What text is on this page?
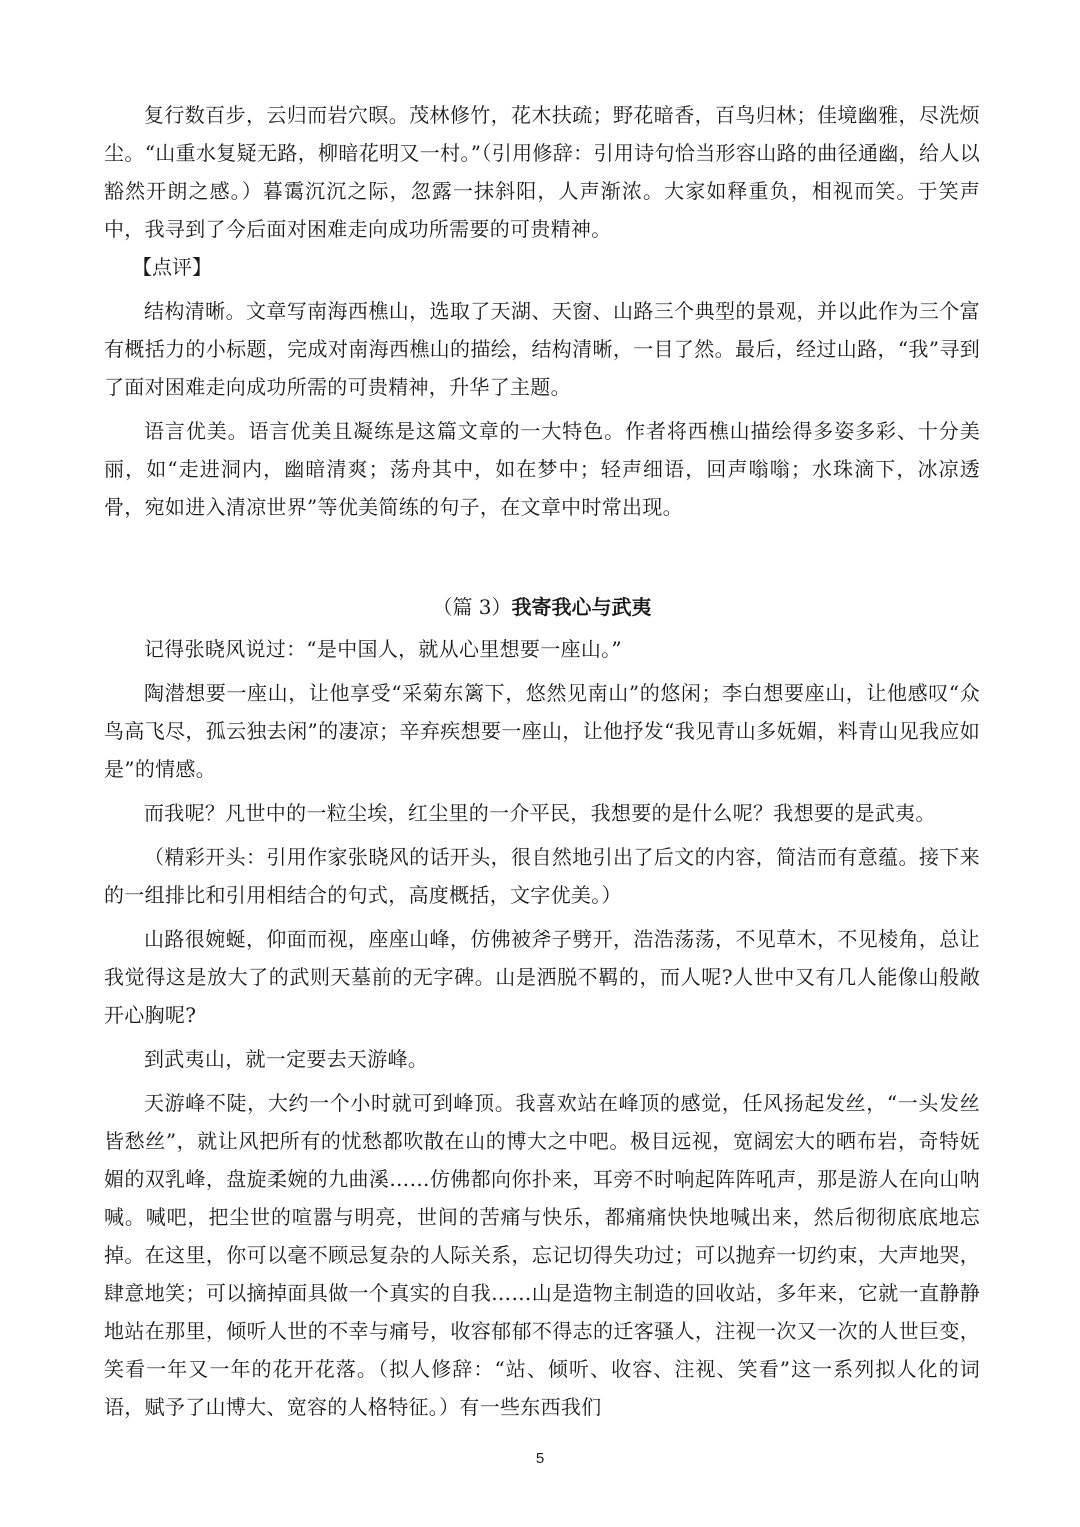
复行数百步，云归而岩穴暝。茂林修竹，花木扶疏；野花暗香，百鸟归林；佳境幽雅，尽洗烦尘。“山重水复疑无路，柳暗花明又一村。”（引用修辞：引用诗句恰当形容山路的曲径通幽，给人以豁然开朗之感。）暮霭沉沉之际，忽露一抹斜阳，人声渐浓。大家如释重负，相视而笑。于笑声中，我寻到了今后面对困难走向成功所需要的可贵精神。

【点评】

结构清晰。文章写南海西樵山，选取了天湖、天窗、山路三个典型的景观，并以此作为三个富有概括力的小标题，完成对南海西樵山的描绘，结构清晰，一目了然。最后，经过山路，“我”寻到了面对困难走向成功所需的可贵精神，升华了主题。

语言优美。语言优美且凝练是这篇文章的一大特色。作者将西樵山描绘得多姿多彩、十分美丽，如“走进洞内，幽暗清爽；荡舟其中，如在梦中；轻声细语，回声嗡嗡；水珠滴下，冰凉透骨，宛如进入清凉世界”等优美简练的句子，在文章中时常出现。

（篇 3）我寄我心与武夷

记得张晓风说过：“是中国人，就从心里想要一座山。”

陶潜想要一座山，让他享受“采菊东篱下，悠然见南山”的悠闲；李白想要座山，让他感叹“众鸟高飞尽，孤云独去闲”的凄凉；辛弃疾想要一座山，让他抒发“我见青山多妩媚，料青山见我应如是”的情感。

而我呢？凡世中的一粒尘埃，红尘里的一介平民，我想要的是什么呢？我想要的是武夷。

（精彩开头：引用作家张晓风的话开头，很自然地引出了后文的内容，简洁而有意蕴。接下来的一组排比和引用相结合的句式，高度概括，文字优美。）

山路很婉蜒，仰面而视，座座山峰，仿佛被斧子劈开，浩浩荡荡，不见草木，不见棱角，总让我觉得这是放大了的武则天墓前的无字碑。山是洒脱不羁的，而人呢?人世中又有几人能像山般敞开心胸呢?

到武夷山，就一定要去天游峰。

天游峰不陡，大约一个小时就可到峰顶。我喜欢站在峰顶的感觉，任风扬起发丝，“一头发丝皆愁丝”，就让风把所有的忧愁都吹散在山的博大之中吧。极目远视，宽阔宏大的晒布岩，奇特妩媚的双乳峰，盘旋柔婉的九曲溪……仿佛都向你扑来，耳旁不时响起阵阵吼声，那是游人在向山呐喊。喊吧，把尘世的喧嚣与明亮，世间的苦痛与快乐，都痛痛快快地喊出来，然后彻彻底底地忘掉。在这里，你可以毫不顾忌复杂的人际关系，忘记切得失功过；可以抛弃一切约束，大声地哭，肆意地笑；可以摘掉面具做一个真实的自我……山是造物主制造的回收站，多年来，它就一直静静地站在那里，倾听人世的不幸与痛号，收容郁郁不得志的迁客骚人，注视一次又一次的人世巨变，笑看一年又一年的花开花落。（拟人修辞：“站、倾听、收容、注视、笑看”这一系列拟人化的词语，赋予了山博大、宽容的人格特征。）有一些东西我们

5
